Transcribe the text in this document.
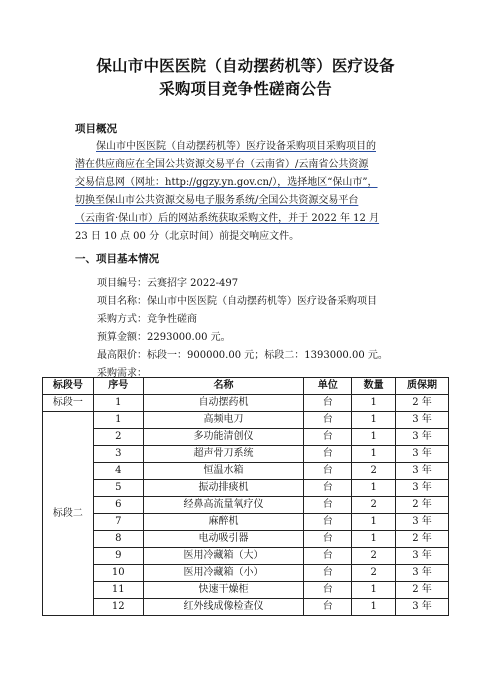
保山市中医医院（自动摆药机等）医疗设备
采购项目竞争性磋商公告
项目概况
保山市中医医院（自动摆药机等）医疗设备采购项目采购项目的
潜在供应商应在全国公共资源交易平台（云南省）/云南省公共资源
交易信息网（网址：http://ggzy.yn.gov.cn/），选择地区“保山市”，
切换至保山市公共资源交易电子服务系统/全国公共资源交易平台
（云南省·保山市）后的网站系统获取采购文件，并于 2022 年 12 月
23 日 10 点 00 分（北京时间）前提交响应文件。
一、项目基本情况
项目编号：云赛招字 2022-497
项目名称：保山市中医医院（自动摆药机等）医疗设备采购项目
采购方式：竞争性磋商
预算金额：2293000.00 元。
最高限价：标段一：900000.00 元；标段二：1393000.00 元。
采购需求：
标段号	序号	名称	单位	数量	质保期
标段一	1	自动摆药机	台	1	2 年
标段二	1	高频电刀	台	1	3 年
	2	多功能清创仪	台	1	3 年
	3	超声骨刀系统	台	1	3 年
	4	恒温水箱	台	2	3 年
	5	振动排痰机	台	1	3 年
	6	经鼻高流量氧疗仪	台	2	2 年
	7	麻醉机	台	1	3 年
	8	电动吸引器	台	1	2 年
	9	医用冷藏箱（大）	台	2	3 年
	10	医用冷藏箱（小）	台	2	3 年
	11	快速干燥柜	台	1	2 年
	12	红外线成像检查仪	台	1	3 年
